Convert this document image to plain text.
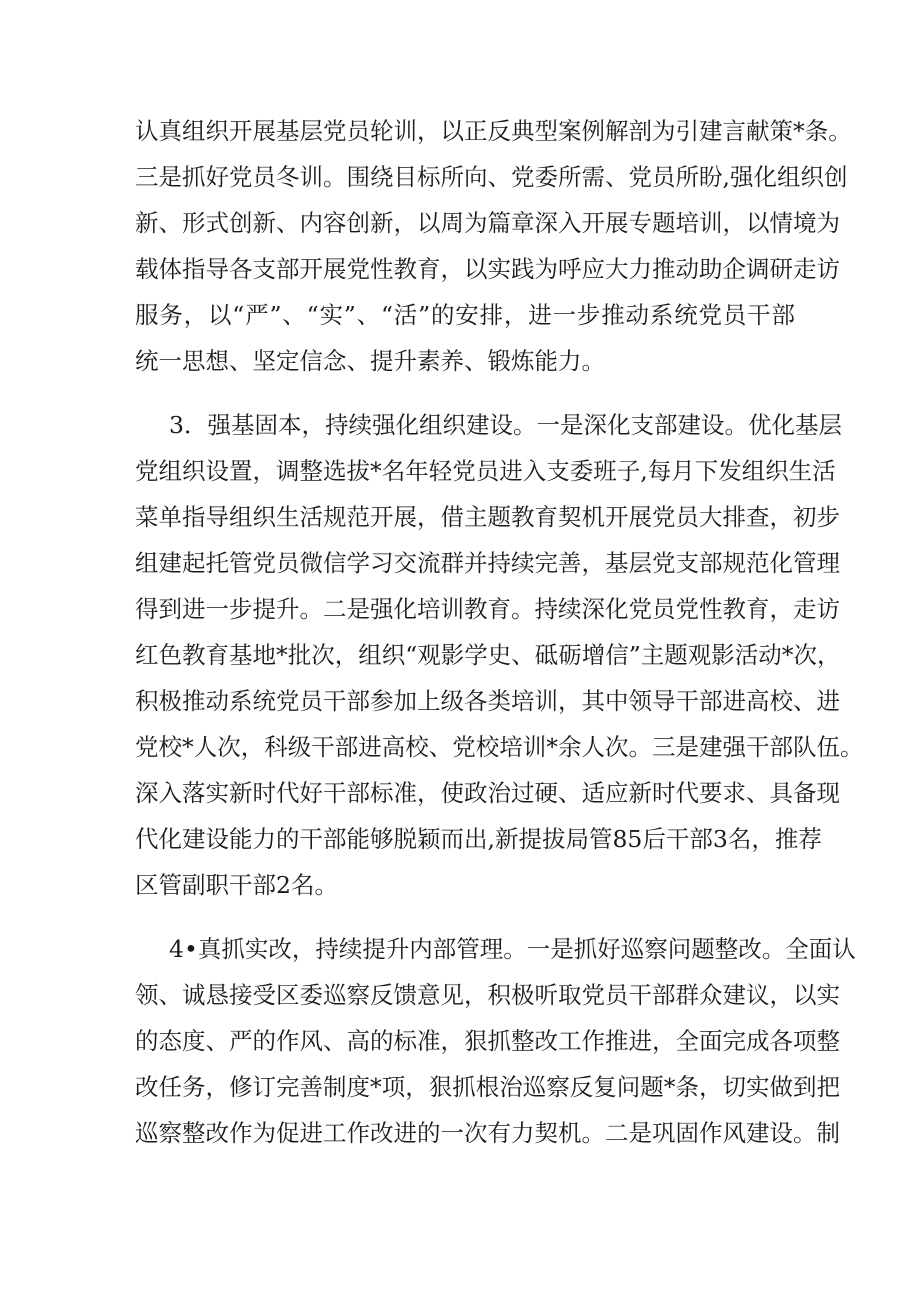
认真组织开展基层党员轮训，以正反典型案例解剖为引建言献策*条。
三是抓好党员冬训。围绕目标所向、党委所需、党员所盼,强化组织创
新、形式创新、内容创新，以周为篇章深入开展专题培训，以情境为
载体指导各支部开展党性教育，以实践为呼应大力推动助企调研走访
服务，以“严”、“实”、“活”的安排，进一步推动系统党员干部
统一思想、坚定信念、提升素养、锻炼能力。
3．强基固本，持续强化组织建设。一是深化支部建设。优化基层
党组织设置，调整选拔*名年轻党员进入支委班子,每月下发组织生活
菜单指导组织生活规范开展，借主题教育契机开展党员大排查，初步
组建起托管党员微信学习交流群并持续完善，基层党支部规范化管理
得到进一步提升。二是强化培训教育。持续深化党员党性教育，走访
红色教育基地*批次，组织“观影学史、砥砺增信”主题观影活动*次，
积极推动系统党员干部参加上级各类培训，其中领导干部进高校、进
党校*人次，科级干部进高校、党校培训*余人次。三是建强干部队伍。
深入落实新时代好干部标准，使政治过硬、适应新时代要求、具备现
代化建设能力的干部能够脱颖而出,新提拔局管85后干部3名，推荐
区管副职干部2名。
4•真抓实改，持续提升内部管理。一是抓好巡察问题整改。全面认
领、诚恳接受区委巡察反馈意见，积极听取党员干部群众建议，以实
的态度、严的作风、高的标准，狠抓整改工作推进，全面完成各项整
改任务，修订完善制度*项，狠抓根治巡察反复问题*条，切实做到把
巡察整改作为促进工作改进的一次有力契机。二是巩固作风建设。制
